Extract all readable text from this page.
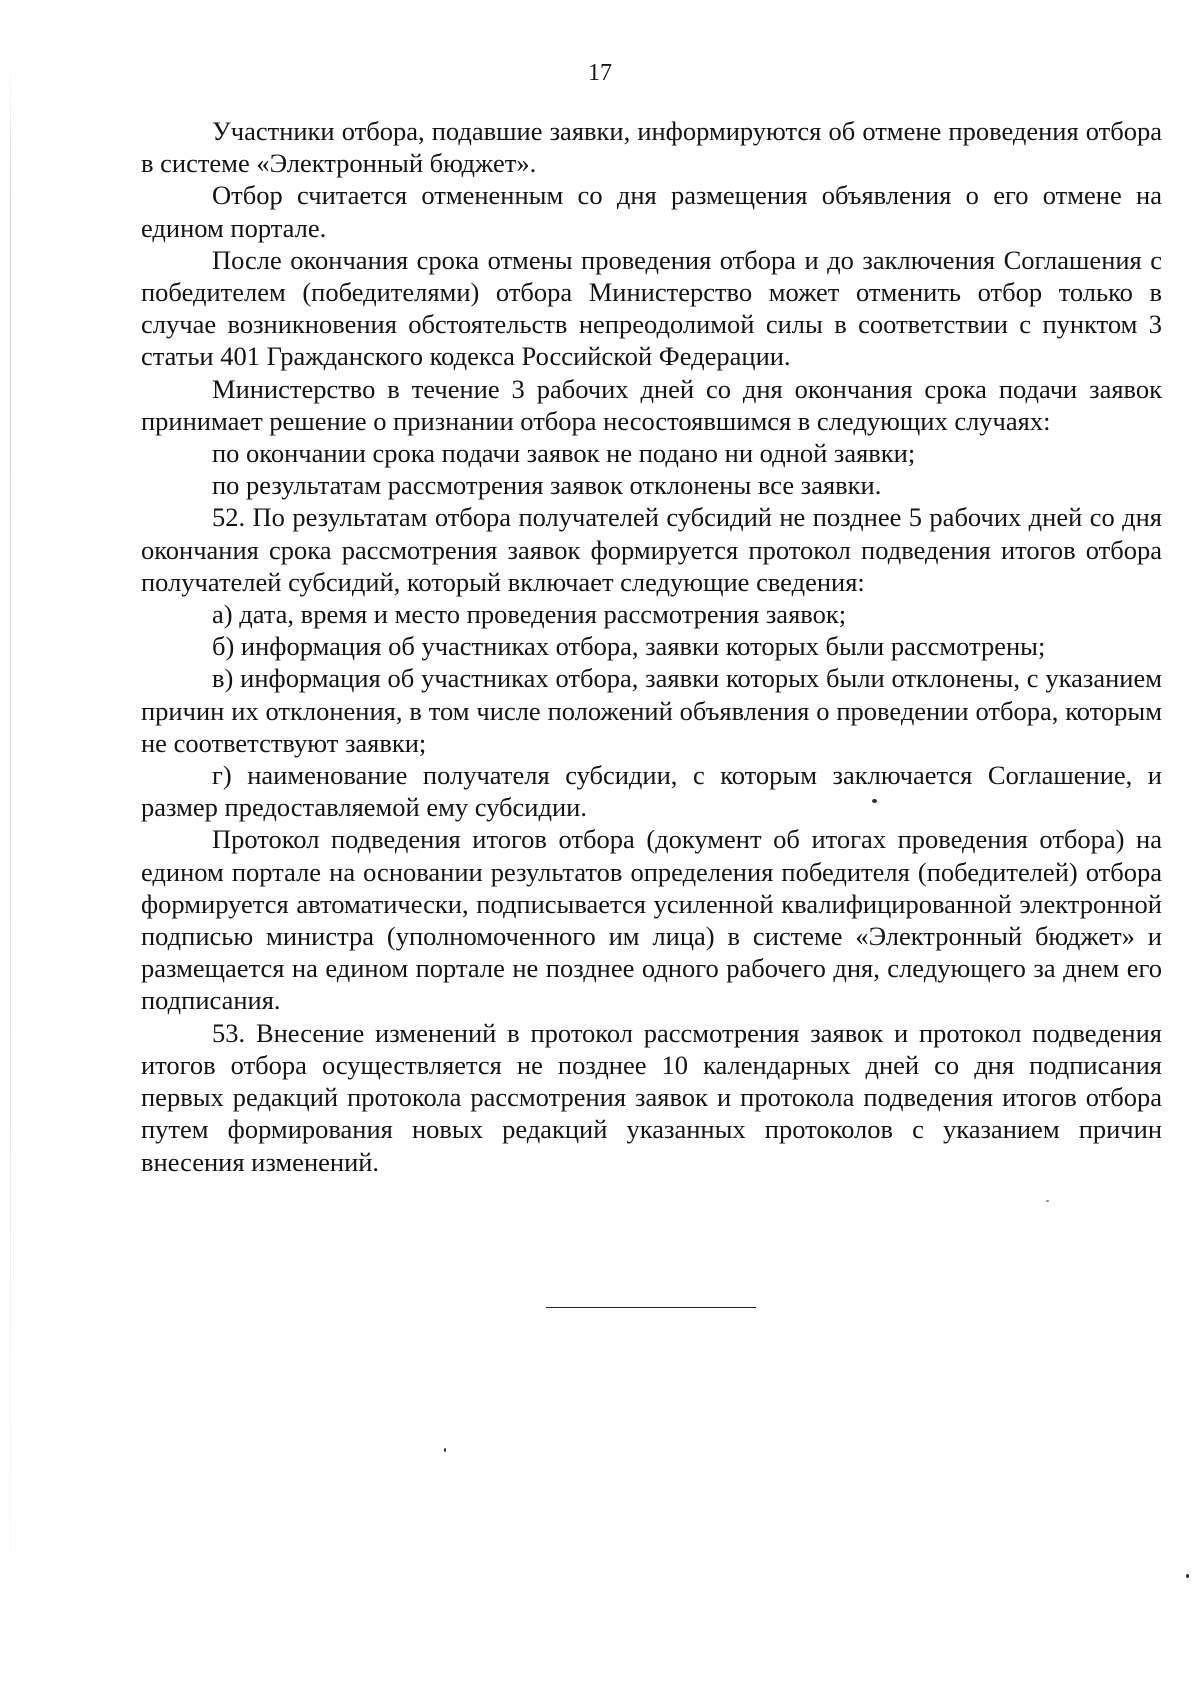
17

Участники отбора, подавшие заявки, информируются об отмене проведения отбора в системе «Электронный бюджет».

Отбор считается отмененным со дня размещения объявления о его отмене на едином портале.

После окончания срока отмены проведения отбора и до заключения Соглашения с победителем (победителями) отбора Министерство может отменить отбор только в случае возникновения обстоятельств непреодолимой силы в соответствии с пунктом 3 статьи 401 Гражданского кодекса Российской Федерации.

Министерство в течение 3 рабочих дней со дня окончания срока подачи заявок принимает решение о признании отбора несостоявшимся в следующих случаях:

по окончании срока подачи заявок не подано ни одной заявки;

по результатам рассмотрения заявок отклонены все заявки.

52. По результатам отбора получателей субсидий не позднее 5 рабочих дней со дня окончания срока рассмотрения заявок формируется протокол подведения итогов отбора получателей субсидий, который включает следующие сведения:

а) дата, время и место проведения рассмотрения заявок;

б) информация об участниках отбора, заявки которых были рассмотрены;

в) информация об участниках отбора, заявки которых были отклонены, с указанием причин их отклонения, в том числе положений объявления о проведении отбора, которым не соответствуют заявки;

г) наименование получателя субсидии, с которым заключается Соглашение, и размер предоставляемой ему субсидии.

Протокол подведения итогов отбора (документ об итогах проведения отбора) на едином портале на основании результатов определения победителя (победителей) отбора формируется автоматически, подписывается усиленной квалифицированной электронной подписью министра (уполномоченного им лица) в системе «Электронный бюджет» и размещается на едином портале не позднее одного рабочего дня, следующего за днем его подписания.

53. Внесение изменений в протокол рассмотрения заявок и протокол подведения итогов отбора осуществляется не позднее 10 календарных дней со дня подписания первых редакций протокола рассмотрения заявок и протокола подведения итогов отбора путем формирования новых редакций указанных протоколов с указанием причин внесения изменений.
